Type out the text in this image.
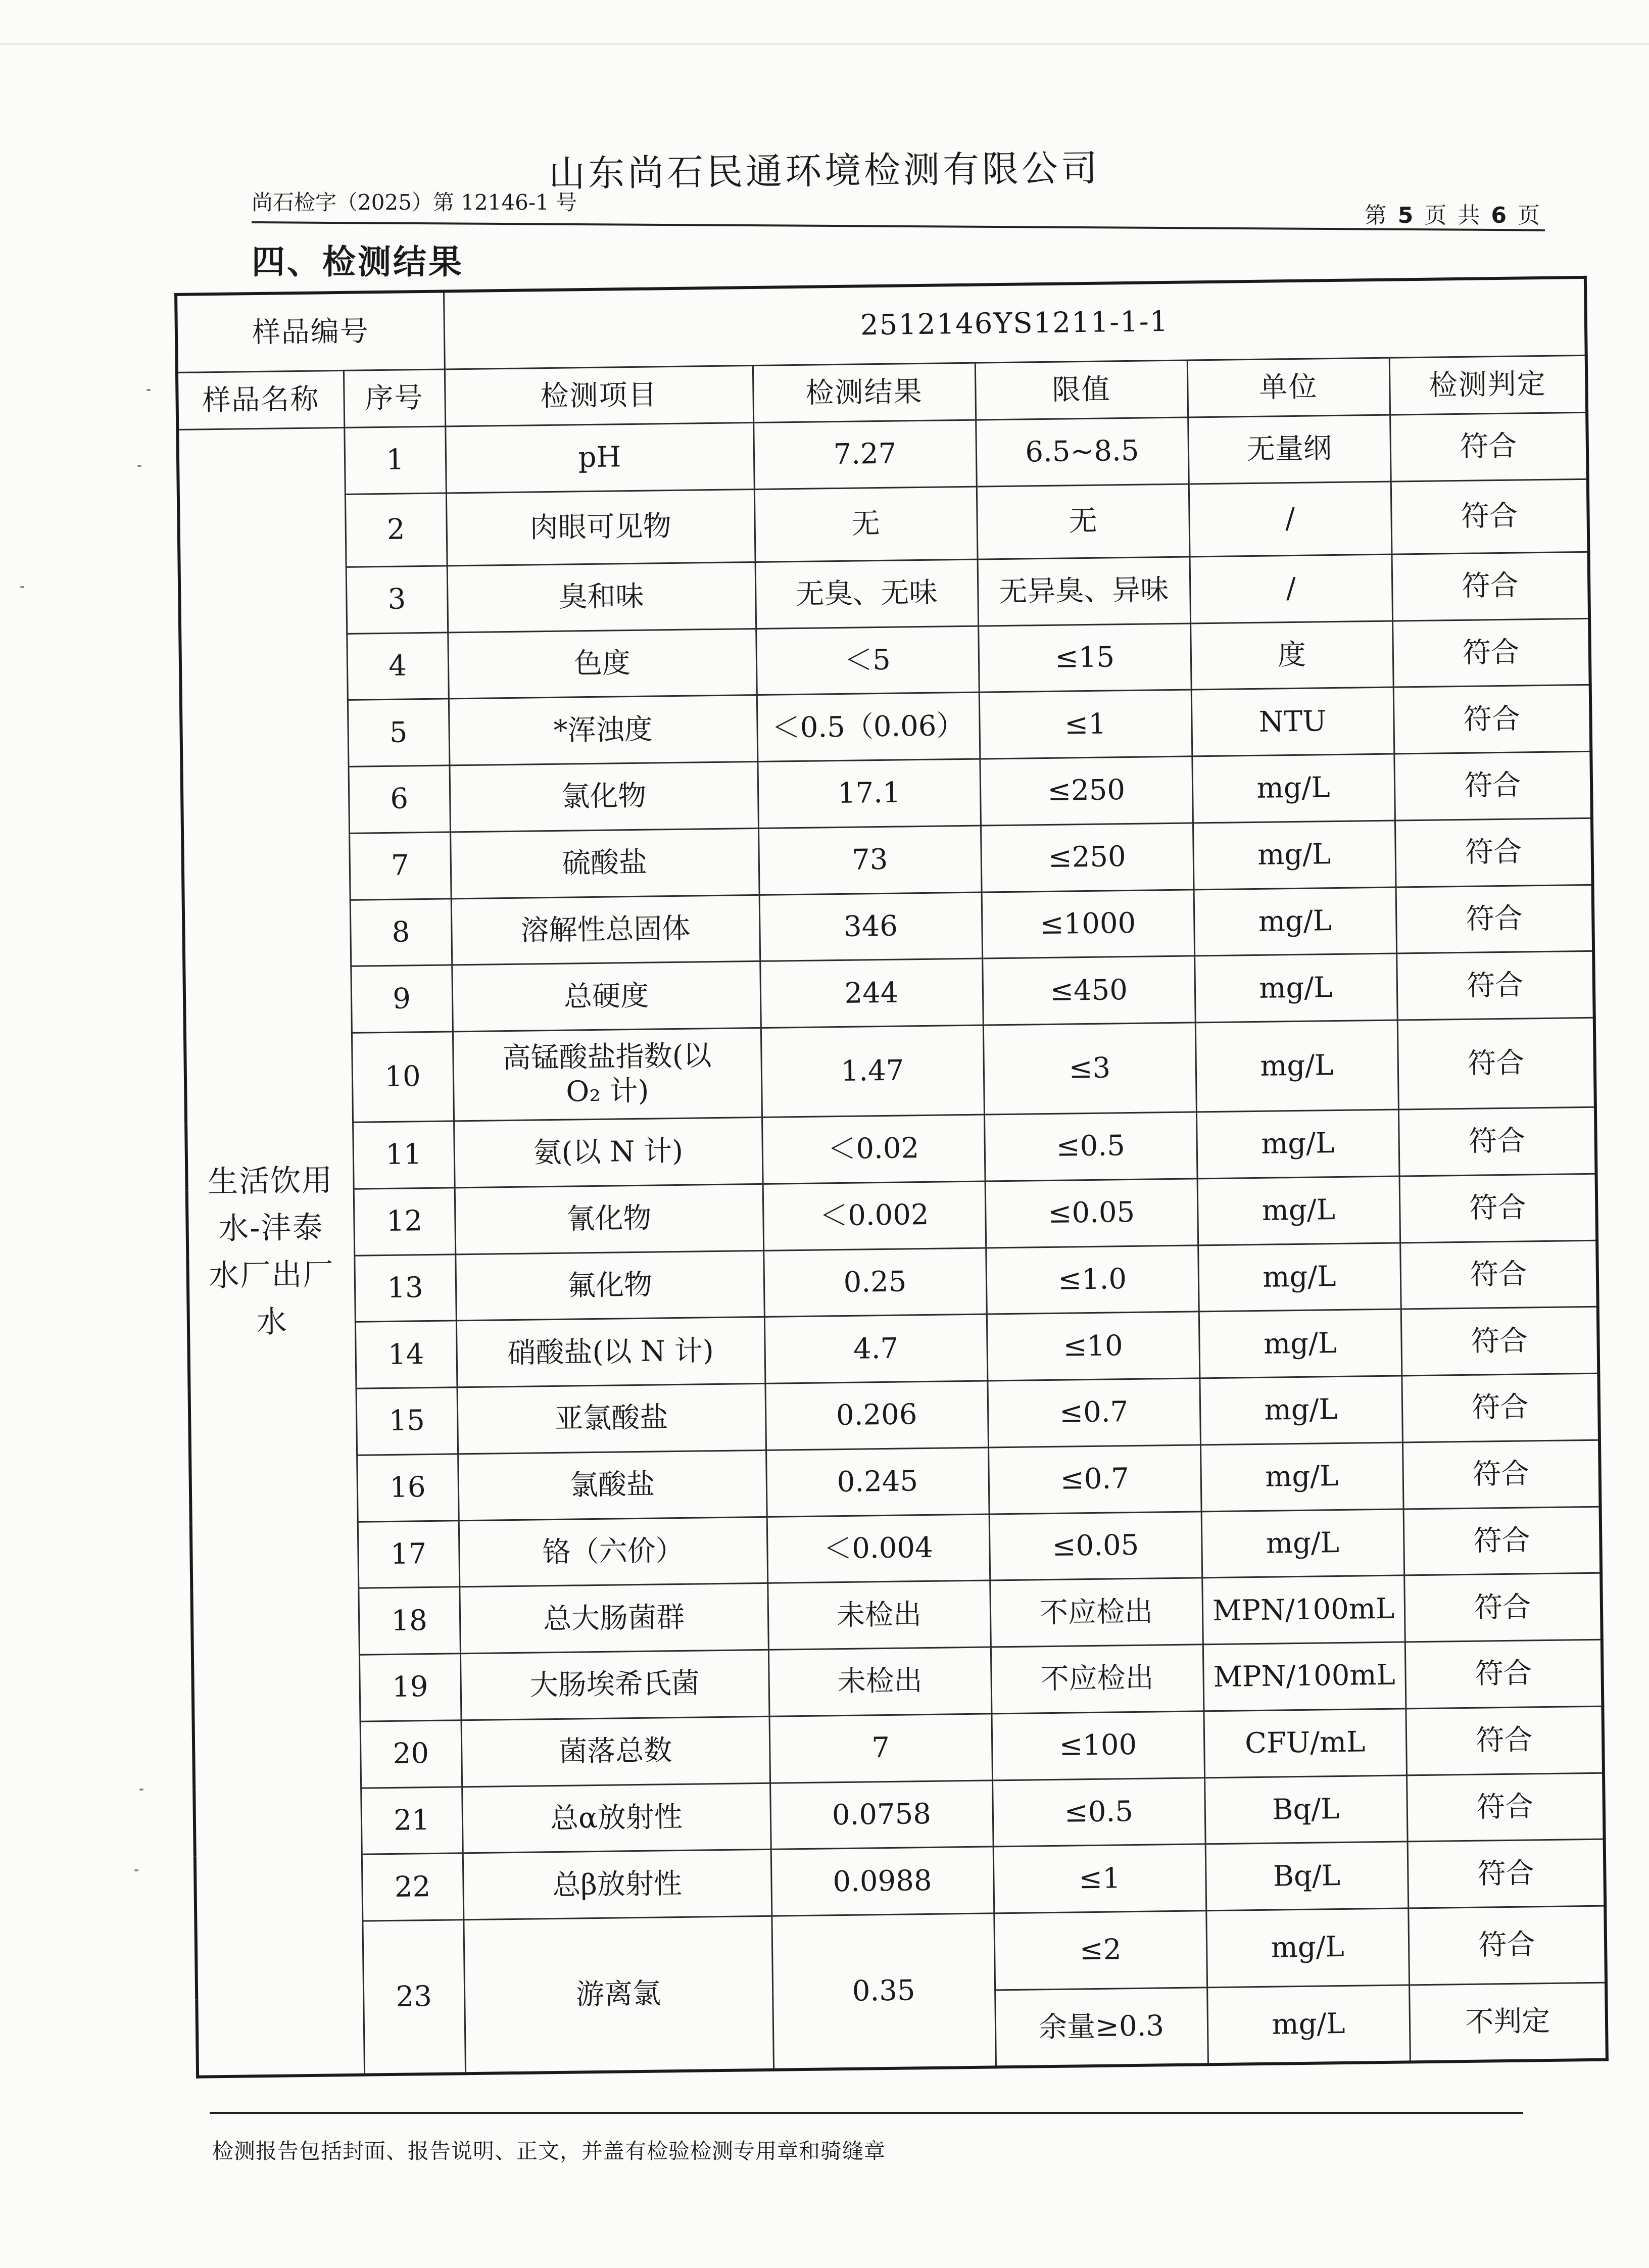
山东尚石民通环境检测有限公司
尚石检字（2025）第 12146-1 号
第 5 页 共 6 页
四、检测结果
样品编号		2512146YS1211-1-1				
样品名称	序号	检测项目	检测结果	限值	单位	检测判定

生活饮用
水-沣泰
水厂出厂
水	1	pH	7.27	6.5~8.5	无量纲	符合
	2	肉眼可见物	无	无	/	符合
	3	臭和味	无臭、无味	无异臭、异味	/	符合
	4	色度	＜5	≤15	度	符合
	5	*浑浊度	＜0.5（0.06）	≤1	NTU	符合
	6	氯化物	17.1	≤250	mg/L	符合
	7	硫酸盐	73	≤250	mg/L	符合
	8	溶解性总固体	346	≤1000	mg/L	符合
	9	总硬度	244	≤450	mg/L	符合
	10	高锰酸盐指数(以
O₂ 计)	1.47	≤3	mg/L	符合
	11	氨(以 N 计)	＜0.02	≤0.5	mg/L	符合
	12	氰化物	＜0.002	≤0.05	mg/L	符合
	13	氟化物	0.25	≤1.0	mg/L	符合
	14	硝酸盐(以 N 计)	4.7	≤10	mg/L	符合
	15	亚氯酸盐	0.206	≤0.7	mg/L	符合
	16	氯酸盐	0.245	≤0.7	mg/L	符合
	17	铬（六价）	＜0.004	≤0.05	mg/L	符合
	18	总大肠菌群	未检出	不应检出	MPN/100mL	符合
	19	大肠埃希氏菌	未检出	不应检出	MPN/100mL	符合
	20	菌落总数	7	≤100	CFU/mL	符合
	21	总α放射性	0.0758	≤0.5	Bq/L	符合
	22	总β放射性	0.0988	≤1	Bq/L	符合
	23	游离氯	0.35	≤2	mg/L	符合
				余量≥0.3	mg/L	不判定
检测报告包括封面、报告说明、正文，并盖有检验检测专用章和骑缝章
